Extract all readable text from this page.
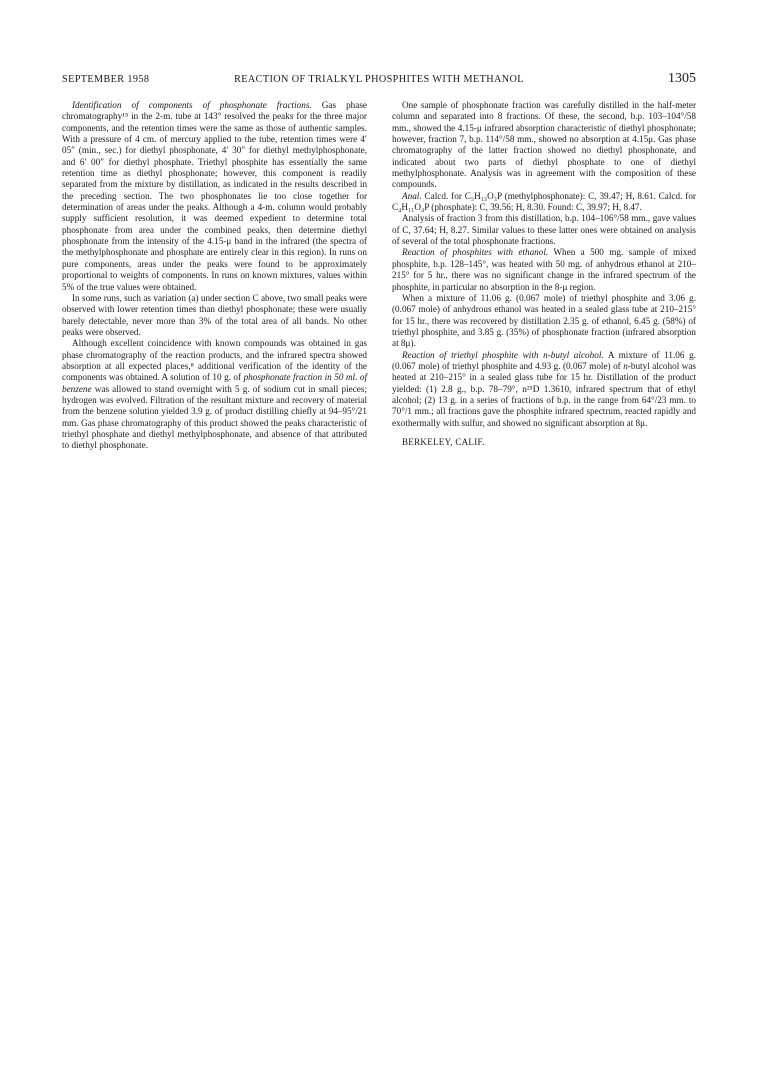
SEPTEMBER 1958	REACTION OF TRIALKYL PHOSPHITES WITH METHANOL	1305

Identification of components of phosphonate fractions. Gas phase chromatography¹⁵ in the 2-m. tube at 143° resolved the peaks for the three major components, and the retention times were the same as those of authentic samples. With a pressure of 4 cm. of mercury applied to the tube, retention times were 4′ 05″ (min., sec.) for diethyl phosphonate, 4′ 30″ for diethyl methylphosphonate, and 6′ 00″ for diethyl phosphate. Triethyl phosphite has essentially the same retention time as diethyl phosphonate; however, this component is readily separated from the mixture by distillation, as indicated in the results described in the preceding section. The two phosphonates lie too close together for determination of areas under the peaks. Although a 4-m. column would probably supply sufficient resolution, it was deemed expedient to determine total phosphonate from area under the combined peaks, then determine diethyl phosphonate from the intensity of the 4.15-μ band in the infrared (the spectra of the methylphosphonate and phosphate are entirely clear in this region). In runs on pure components, areas under the peaks were found to be approximately proportional to weights of components. In runs on known mixtures, values within 5% of the true values were obtained.

In some runs, such as variation (a) under section C above, two small peaks were observed with lower retention times than diethyl phosphonate; these were usually barely detectable, never more than 3% of the total area of all bands. No other peaks were observed.

Although excellent coincidence with known compounds was obtained in gas phase chromatography of the reaction products, and the infrared spectra showed absorption at all expected places,⁸ additional verification of the identity of the components was obtained. A solution of 10 g. of phosphonate fraction in 50 ml. of benzene was allowed to stand overnight with 5 g. of sodium cut in small pieces; hydrogen was evolved. Filtration of the resultant mixture and recovery of material from the benzene solution yielded 3.9 g. of product distilling chiefly at 94–95°/21 mm. Gas phase chromatography of this product showed the peaks characteristic of triethyl phosphate and diethyl methylphosphonate, and absence of that attributed to diethyl phosphonate.

One sample of phosphonate fraction was carefully distilled in the half-meter column and separated into 8 fractions. Of these, the second, b.p. 103–104°/58 mm., showed the 4.15-μ infrared absorption characteristic of diethyl phosphonate; however, fraction 7, b.p. 114°/58 mm., showed no absorption at 4.15μ. Gas phase chromatography of the latter fraction showed no diethyl phosphonate, and indicated about two parts of diethyl phosphate to one of diethyl methylphosphonate. Analysis was in agreement with the composition of these compounds.

Anal. Calcd. for C₅H₁₃O₃P (methylphosphonate): C, 39.47; H, 8.61. Calcd. for C₄H₁₁O₄P (phosphate): C, 39.56; H, 8.30. Found: C, 39.97; H, 8.47.

Analysis of fraction 3 from this distillation, b.p. 104–106°/58 mm., gave values of C, 37.64; H, 8.27. Similar values to these latter ones were obtained on analysis of several of the total phosphonate fractions.

Reaction of phosphites with ethanol. When a 500 mg. sample of mixed phosphite, b.p. 128–145°, was heated with 50 mg. of anhydrous ethanol at 210–215° for 5 hr., there was no significant change in the infrared spectrum of the phosphite, in particular no absorption in the 8-μ region.

When a mixture of 11.06 g. (0.067 mole) of triethyl phosphite and 3.06 g. (0.067 mole) of anhydrous ethanol was heated in a sealed glass tube at 210–215° for 15 hr., there was recovered by distillation 2.35 g. of ethanol, 6.45 g. (58%) of triethyl phosphite, and 3.85 g. (35%) of phosphonate fraction (infrared absorption at 8μ).

Reaction of triethyl phosphite with n-butyl alcohol. A mixture of 11.06 g. (0.067 mole) of triethyl phosphite and 4.93 g. (0.067 mole) of n-butyl alcohol was heated at 210–215° in a sealed glass tube for 15 hr. Distillation of the product yielded: (1) 2.8 g., b.p. 78–79°, n²⁵D 1.3610, infrared spectrum that of ethyl alcohol; (2) 13 g. in a series of fractions of b.p. in the range from 64°/23 mm. to 70°/1 mm.; all fractions gave the phosphite infrared spectrum, reacted rapidly and exothermally with sulfur, and showed no significant absorption at 8μ.

BERKELEY, CALIF.
